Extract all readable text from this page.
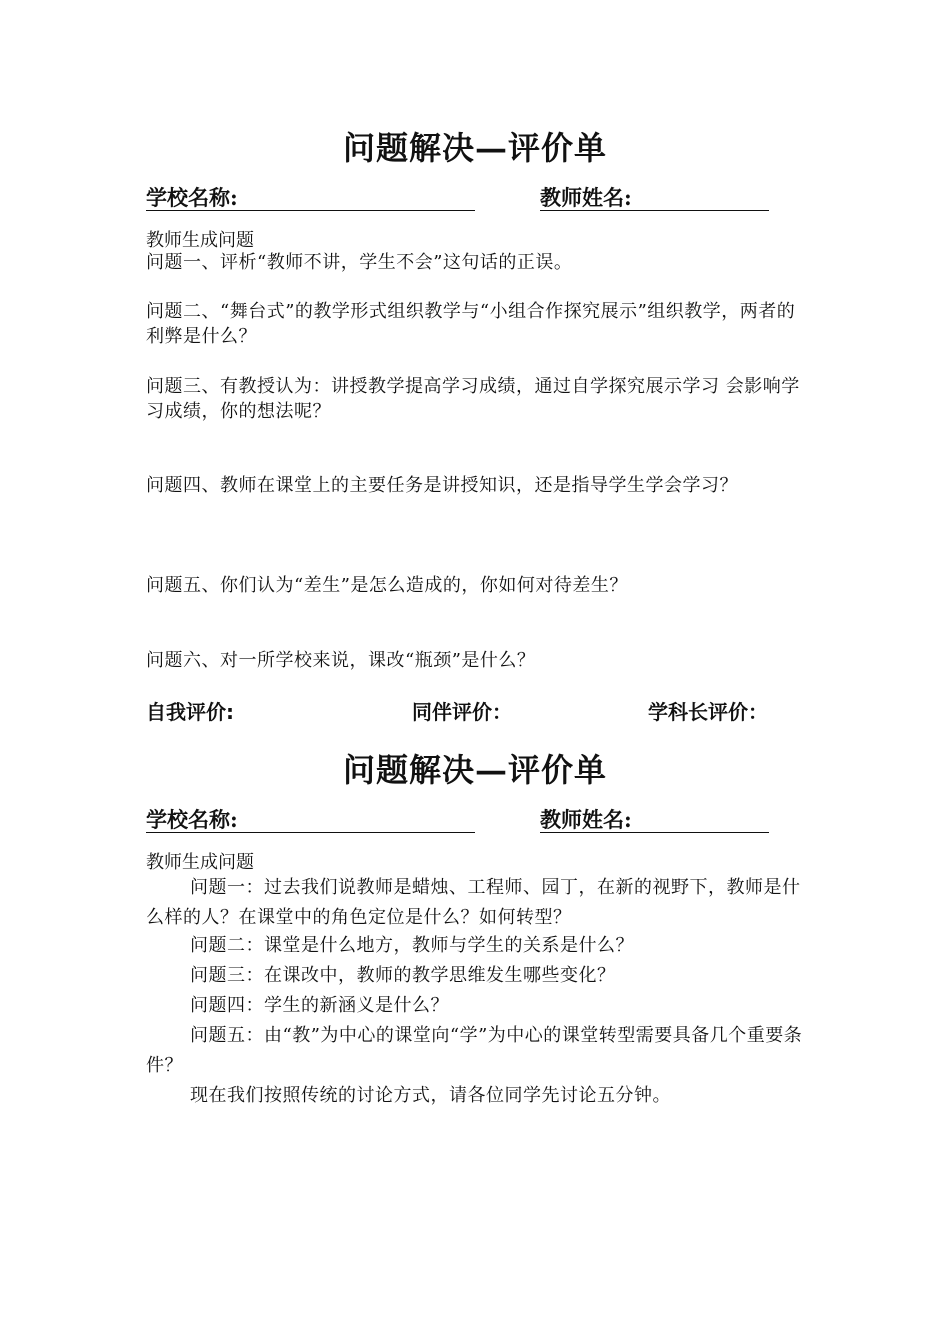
问题解决—评价单
学校名称:	教师姓名:
教师生成问题
问题一、评析“教师不讲，学生不会”这句话的正误。
问题二、“舞台式”的教学形式组织教学与“小组合作探究展示”组织教学，两者的利弊是什么？
问题三、有教授认为：讲授教学提高学习成绩，通过自学探究展示学习 会影响学习成绩，你的想法呢？
问题四、教师在课堂上的主要任务是讲授知识，还是指导学生学会学习？
问题五、你们认为“差生”是怎么造成的，你如何对待差生？
问题六、对一所学校来说，课改“瓶颈”是什么？
自我评价:	同伴评价：	学科长评价：
问题解决—评价单
学校名称:	教师姓名:
教师生成问题
问题一：过去我们说教师是蜡烛、工程师、园丁，在新的视野下，教师是什么样的人？在课堂中的角色定位是什么？如何转型？
问题二：课堂是什么地方，教师与学生的关系是什么？
问题三：在课改中，教师的教学思维发生哪些变化？
问题四：学生的新涵义是什么？
问题五：由“教”为中心的课堂向“学”为中心的课堂转型需要具备几个重要条件？
现在我们按照传统的讨论方式，请各位同学先讨论五分钟。
